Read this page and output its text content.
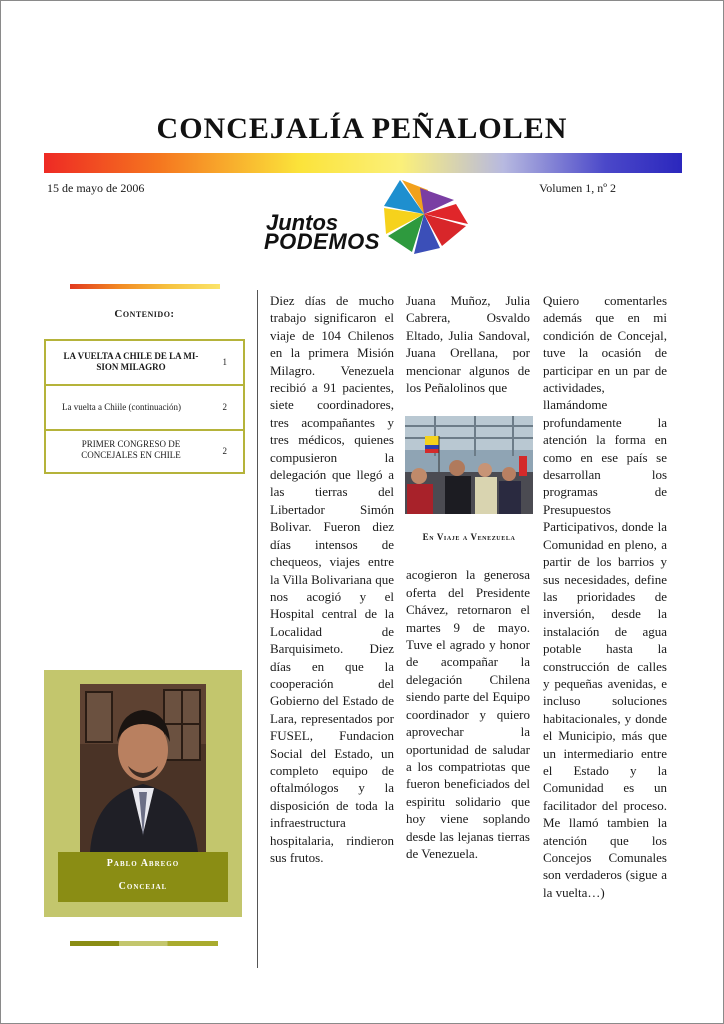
CONCEJALÍA PEÑALOLEN
15 de mayo de 2006	Volumen 1, nº 2
Juntos
PODEMOS
Contenido:
LA VUELTA A CHILE DE LA MI-
SION MILAGRO	1
La vuelta a Chiile (continuación)	2
PRIMER CONGRESO DE
CONCEJALES EN CHILE	2
Pablo Abrego
Concejal
Diez días de mucho trabajo significaron el viaje de 104 Chilenos en la primera Misión Milagro. Venezuela recibió a 91 pacientes, siete coordinadores, tres acompañantes y tres médicos, quienes compusieron la delegación que llegó a las tierras del Libertador Simón Bolivar. Fueron diez días intensos de chequeos, viajes entre la Villa Bolivariana que nos acogió y el Hospital central de la Localidad de Barquisimeto. Diez días en que la cooperación del Gobierno del Estado de Lara, representados por FUSEL, Fundacion Social del Estado, un completo equipo de oftalmólogos y la disposición de toda la infraestructura hospitalaria, rindieron sus frutos.
Juana Muñoz, Julia Cabrera, Osvaldo Eltado, Julia Sandoval, Juana Orellana, por mencionar algunos de los Peñalolinos que
acogieron la generosa oferta del Presidente Chávez, retornaron el martes 9 de mayo. Tuve el agrado y honor de acompañar la delegación Chilena siendo parte del Equipo coordinador y quiero aprovechar la oportunidad de saludar a los compatriotas que fueron beneficiados del espiritu solidario que hoy viene soplando desde las lejanas tierras de Venezuela.
En Viaje a Venezuela
Quiero comentarles además que en mi condición de Concejal, tuve la ocasión de participar en un par de actividades, llamándome profundamente la atención la forma en como en ese país se desarrollan los programas de Presupuestos Participativos, donde la Comunidad en pleno, a partir de los barrios y sus necesidades, define las prioridades de inversión, desde la instalación de agua potable hasta la construcción de calles y pequeñas avenidas, e incluso soluciones habitacionales, y donde el Municipio, más que un intermediario entre el Estado y la Comunidad es un facilitador del proceso. Me llamó tambien la atención que los Concejos Comunales son verdaderos (sigue a la vuelta…)
